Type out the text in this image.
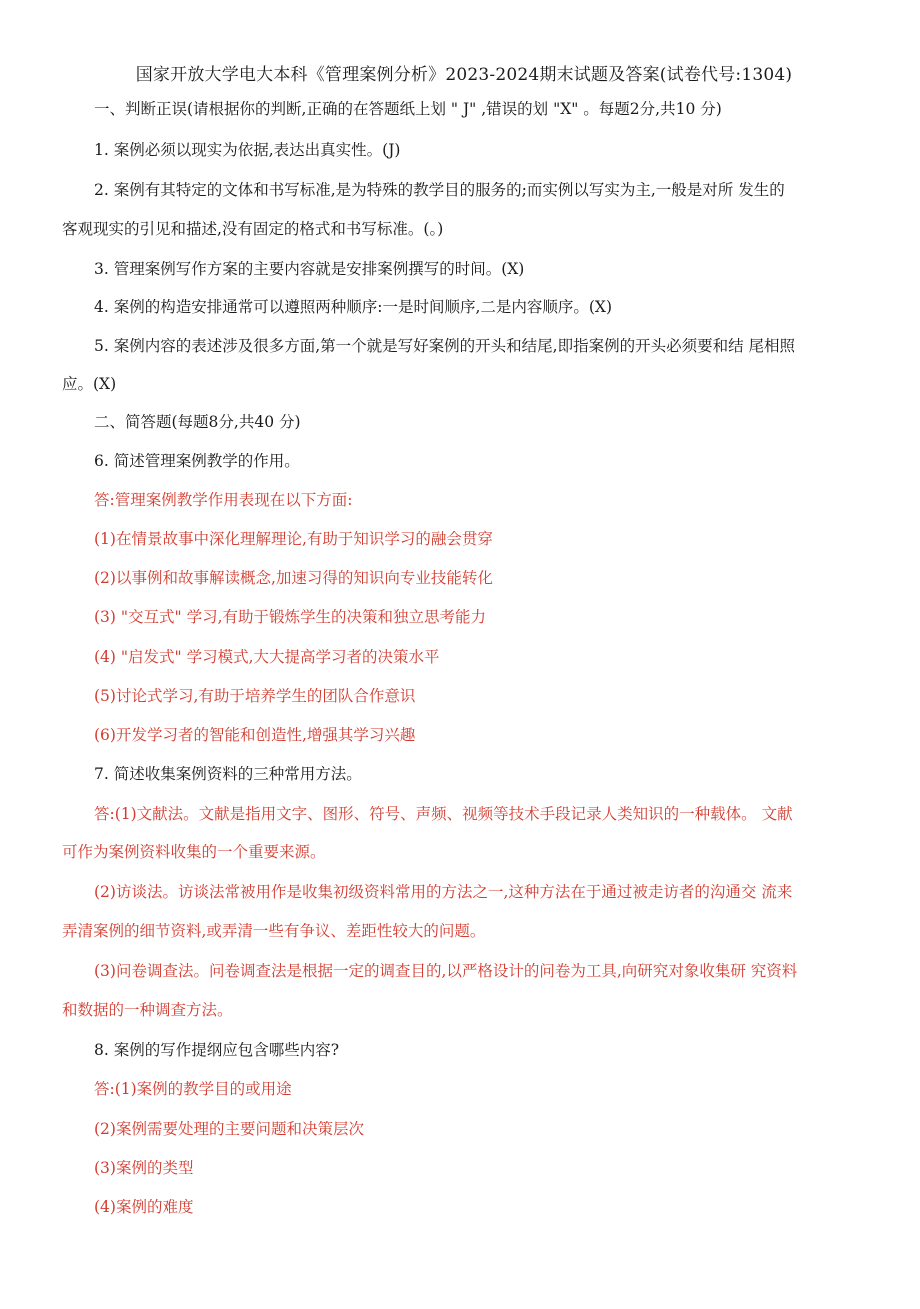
国家开放大学电大本科《管理案例分析》2023-2024期末试题及答案(试卷代号:1304)
一、判断正误(请根据你的判断,正确的在答题纸上划 " J" ,错误的划 "X" 。每题2分,共10 分)
1. 案例必须以现实为依据,表达出真实性。(J)
2. 案例有其特定的文体和书写标准,是为特殊的教学目的服务的;而实例以写实为主,一般是对所 发生的
客观现实的引见和描述,没有固定的格式和书写标准。(。)
3. 管理案例写作方案的主要内容就是安排案例撰写的时间。(X)
4. 案例的构造安排通常可以遵照两种顺序:一是时间顺序,二是内容顺序。(X)
5. 案例内容的表述涉及很多方面,第一个就是写好案例的开头和结尾,即指案例的开头必须要和结 尾相照
应。(X)
二、简答题(每题8分,共40 分)
6. 简述管理案例教学的作用。
答:管理案例教学作用表现在以下方面:
(1)在情景故事中深化理解理论,有助于知识学习的融会贯穿
(2)以事例和故事解读概念,加速习得的知识向专业技能转化
(3) "交互式" 学习,有助于锻炼学生的决策和独立思考能力
(4) "启发式" 学习模式,大大提高学习者的决策水平
(5)讨论式学习,有助于培养学生的团队合作意识
(6)开发学习者的智能和创造性,增强其学习兴趣
7. 简述收集案例资料的三种常用方法。
答:(1)文献法。文献是指用文字、图形、符号、声频、视频等技术手段记录人类知识的一种载体。 文献
可作为案例资料收集的一个重要来源。
(2)访谈法。访谈法常被用作是收集初级资料常用的方法之一,这种方法在于通过被走访者的沟通交 流来
弄清案例的细节资料,或弄清一些有争议、差距性较大的问题。
(3)问卷调查法。问卷调查法是根据一定的调查目的,以严格设计的问卷为工具,向研究对象收集研 究资料
和数据的一种调查方法。
8. 案例的写作提纲应包含哪些内容?
答:(1)案例的教学目的或用途
(2)案例需要处理的主要问题和决策层次
(3)案例的类型
(4)案例的难度
